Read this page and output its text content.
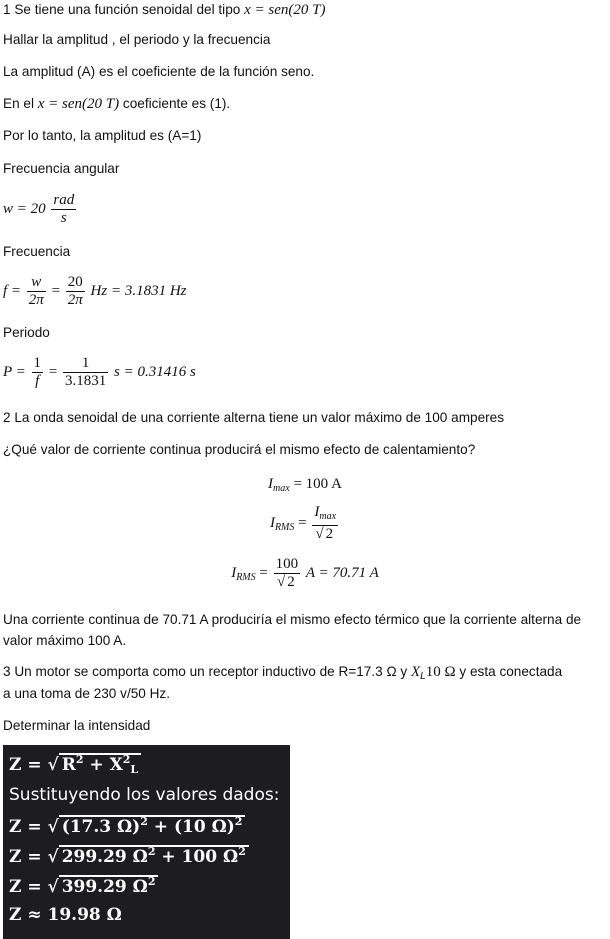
1 Se tiene una función senoidal del tipo x = sen(20 T)
Hallar la amplitud , el periodo y la frecuencia
La amplitud (A) es el coeficiente de la función seno.
En el x = sen(20 T) coeficiente es (1).
Por lo tanto, la amplitud es (A=1)
Frecuencia angular
$w = 20 \frac{\text{rad}}{s}$
Frecuencia
$f = \frac{w}{2\pi} = \frac{20}{2\pi}$ Hz = 3.1831 Hz
Periodo
$P = \frac{1}{f} = \frac{1}{3.1831}$ s = 0.31416 s
2 La onda senoidal de una corriente alterna tiene un valor máximo de 100 amperes
¿Qué valor de corriente continua producirá el mismo efecto de calentamiento?
$I_{max} = 100$ A
$I_{RMS} = \frac{I_{max}}{√ 2}$
$I_{RMS} = \frac{100}{√ 2}$ A = 70.71 A
Una corriente continua de 70.71 A produciría el mismo efecto térmico que la corriente alterna de valor máximo 100 A.
3 Un motor se comporta como un receptor inductivo de R=17.3 Ω y $X_L10$ Ω y esta conectada
a una toma de 230 v/50 Hz.
Determinar la intensidad
Z = √ $R^2 + X^2L$
Sustituyendo los valores dados:
Z = √ (17.3 Ω)$^2$ + (10 Ω)$^2$
Z = √ 299.29 $\Omega^2 + 100$ $\Omega^2$
Z = √ 399.29 $\Omega^2$
Z ≈ 19.98 Ω
